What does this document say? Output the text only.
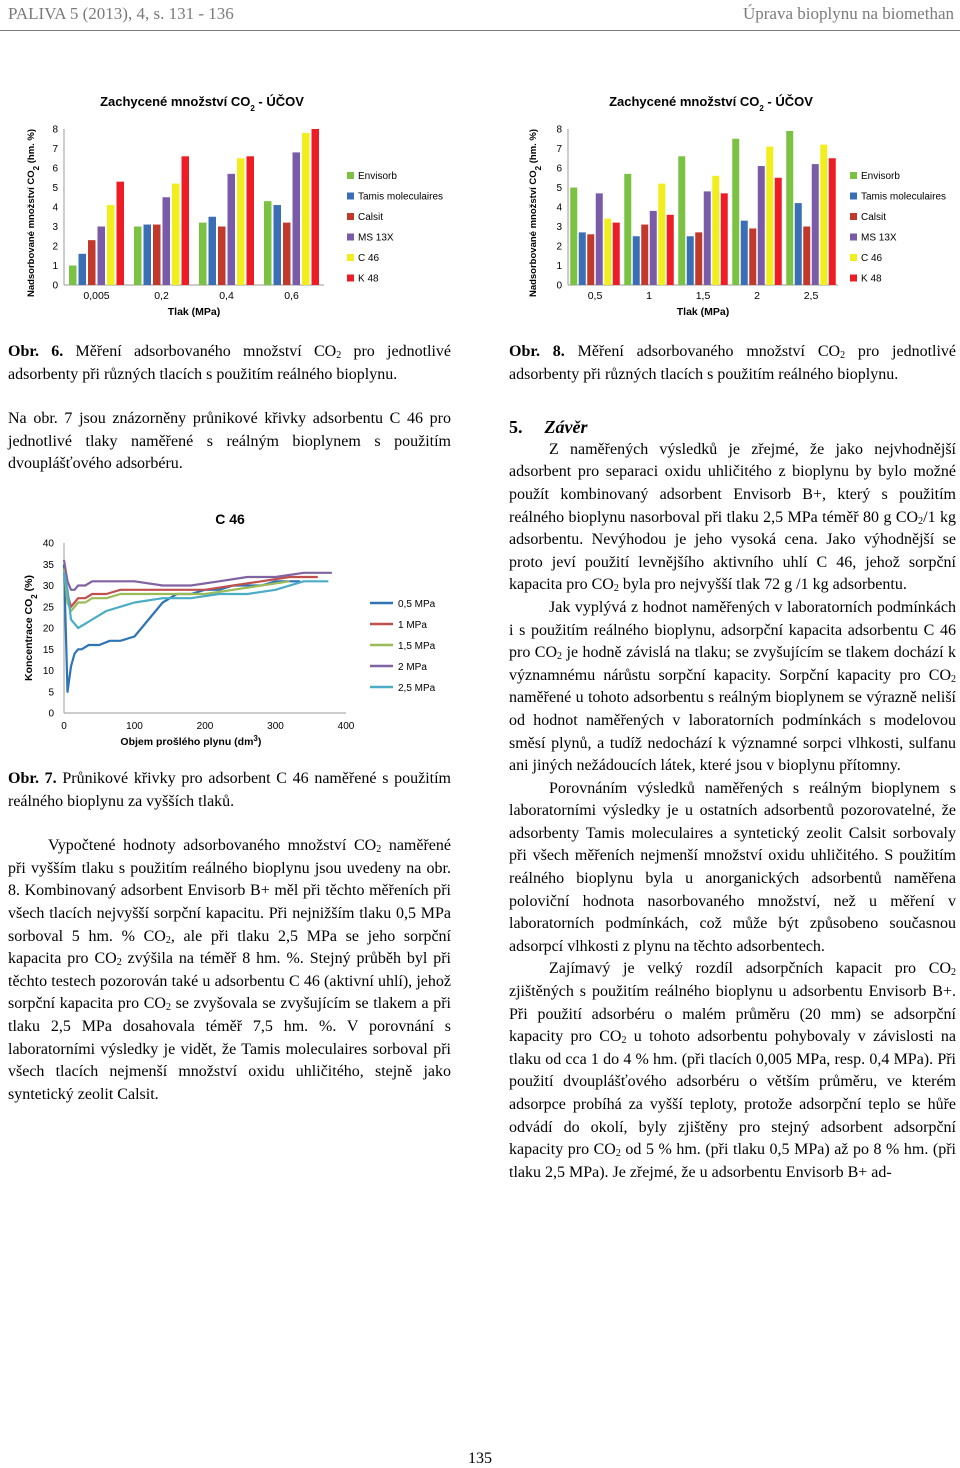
PALIVA 5 (2013), 4, s. 131 - 136	Úprava bioplynu na biomethan
Zachycené množství $CO_2$ - ÚČOV
Nadsorbované množství $CO_2$ (hm. %)
0
1
2
3
4
5
6
7
8
0,005	0,2	0,4	0,6
Tlak (MPa)
Envisorb
Tamis moleculaires
Calsit
MS 13X
C 46
K 48
Zachycené množství $CO_2$ - ÚČOV
Nadsorbované množství $CO_2$ (hm. %)
0
1
2
3
4
5
6
7
8
0,5	1	1,5	2	2,5
Tlak (MPa)
Envisorb
Tamis moleculaires
Calsit
MS 13X
C 46
K 48
C 46
Koncentrace $CO_2$ (%)
0
5
10
15
20
25
30
35
40
0	100	200	300	400
Objem prošlého plynu $(dm^3)$
0,5 MPa
1 MPa
1,5 MPa
2 MPa
2,5 MPa

Obr. 6. Měření adsorbovaného množství $CO_2$ pro jednotlivé adsorbenty při různých tlacích s použitím reálného bioplynu.

Na obr. 7 jsou znázorněny průnikové křivky adsorbentu C 46 pro jednotlivé tlaky naměřené s reálným bioplynem s použitím dvouplášťového adsorbéru.

Obr. 7. Průnikové křivky pro adsorbent C 46 naměřené s použitím reálného bioplynu za vyšších tlaků.

Vypočtené hodnoty adsorbovaného množství $CO_2$ naměřené při vyšším tlaku s použitím reálného bioplynu jsou uvedeny na obr. 8. Kombinovaný adsorbent Envisorb B+ měl při těchto měřeních při všech tlacích nejvyšší sorpční kapacitu. Při nejnižším tlaku 0,5 MPa sorboval 5 hm. % $CO_2$, ale při tlaku 2,5 MPa se jeho sorpční kapacita pro $CO_2$ zvýšila na téměř 8 hm. %. Stejný průběh byl při těchto testech pozorován také u adsorbentu C 46 (aktivní uhlí), jehož sorpční kapacita pro $CO_2$ se zvyšovala se zvyšujícím se tlakem a při tlaku 2,5 MPa dosahovala téměř 7,5 hm. %. V porovnání s laboratorními výsledky je vidět, že Tamis moleculaires sorboval při všech tlacích nejmenší množství oxidu uhličitého, stejně jako syntetický zeolit Calsit.

Obr. 8. Měření adsorbovaného množství $CO_2$ pro jednotlivé adsorbenty při různých tlacích s použitím reálného bioplynu.

5. Závěr

Z naměřených výsledků je zřejmé, že jako nejvhodnější adsorbent pro separaci oxidu uhličitého z bioplynu by bylo možné použít kombinovaný adsorbent Envisorb B+, který s použitím reálného bioplynu nasorboval při tlaku 2,5 MPa téměř 80 g $CO_2/1$ kg adsorbentu. Nevýhodou je jeho vysoká cena. Jako výhodnější se proto jeví použití levnějšího aktivního uhlí C 46, jehož sorpční kapacita pro $CO_2$ byla pro nejvyšší tlak 72 g /1 kg adsorbentu.

Jak vyplývá z hodnot naměřených v laboratorních podmínkách i s použitím reálného bioplynu, adsorpční kapacita adsorbentu C 46 pro $CO_2$ je hodně závislá na tlaku; se zvyšujícím se tlakem dochází k významnému nárůstu sorpční kapacity. Sorpční kapacity pro $CO_2$ naměřené u tohoto adsorbentu s reálným bioplynem se výrazně neliší od hodnot naměřených v laboratorních podmínkách s modelovou směsí plynů, a tudíž nedochází k významné sorpci vlhkosti, sulfanu ani jiných nežádoucích látek, které jsou v bioplynu přítomny.

Porovnáním výsledků naměřených s reálným bioplynem s laboratorními výsledky je u ostatních adsorbentů pozorovatelné, že adsorbenty Tamis moleculaires a syntetický zeolit Calsit sorbovaly při všech měřeních nejmenší množství oxidu uhličitého. S použitím reálného bioplynu byla u anorganických adsorbentů naměřena poloviční hodnota nasorbovaného množství, než u měření v laboratorních podmínkách, což může být způsobeno současnou adsorpcí vlhkosti z plynu na těchto adsorbentech.

Zajímavý je velký rozdíl adsorpčních kapacit pro $CO_2$ zjištěných s použitím reálného bioplynu u adsorbentu Envisorb B+. Při použití adsorbéru o malém průměru (20 mm) se adsorpční kapacity pro $CO_2$ u tohoto adsorbentu pohybovaly v závislosti na tlaku od cca 1 do 4 % hm. (při tlacích 0,005 MPa, resp. 0,4 MPa). Při použití dvouplášťového adsorbéru o větším průměru, ve kterém adsorpce probíhá za vyšší teploty, protože adsorpční teplo se hůře odvádí do okolí, byly zjištěny pro stejný adsorbent adsorpční kapacity pro $CO_2$ od 5 % hm. (při tlaku 0,5 MPa) až po 8 % hm. (při tlaku 2,5 MPa). Je zřejmé, že u adsorbentu Envisorb B+ ad-

135
